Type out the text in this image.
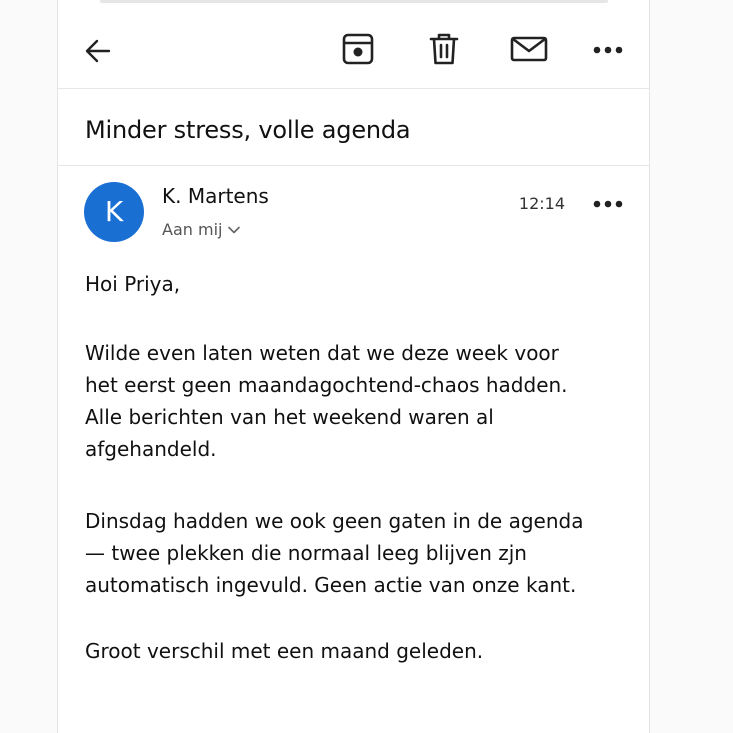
Minder stress, volle agenda
K K. Martens
Aan mij
12:14

Hoi Priya,

Wilde even laten weten dat we deze week voor het eerst geen maandagochtend-chaos hadden. Alle berichten van het weekend waren al afgehandeld.

Dinsdag hadden we ook geen gaten in de agenda — twee plekken die normaal leeg blijven zjn automatisch ingevuld. Geen actie van onze kant.

Groot verschil met een maand geleden.
